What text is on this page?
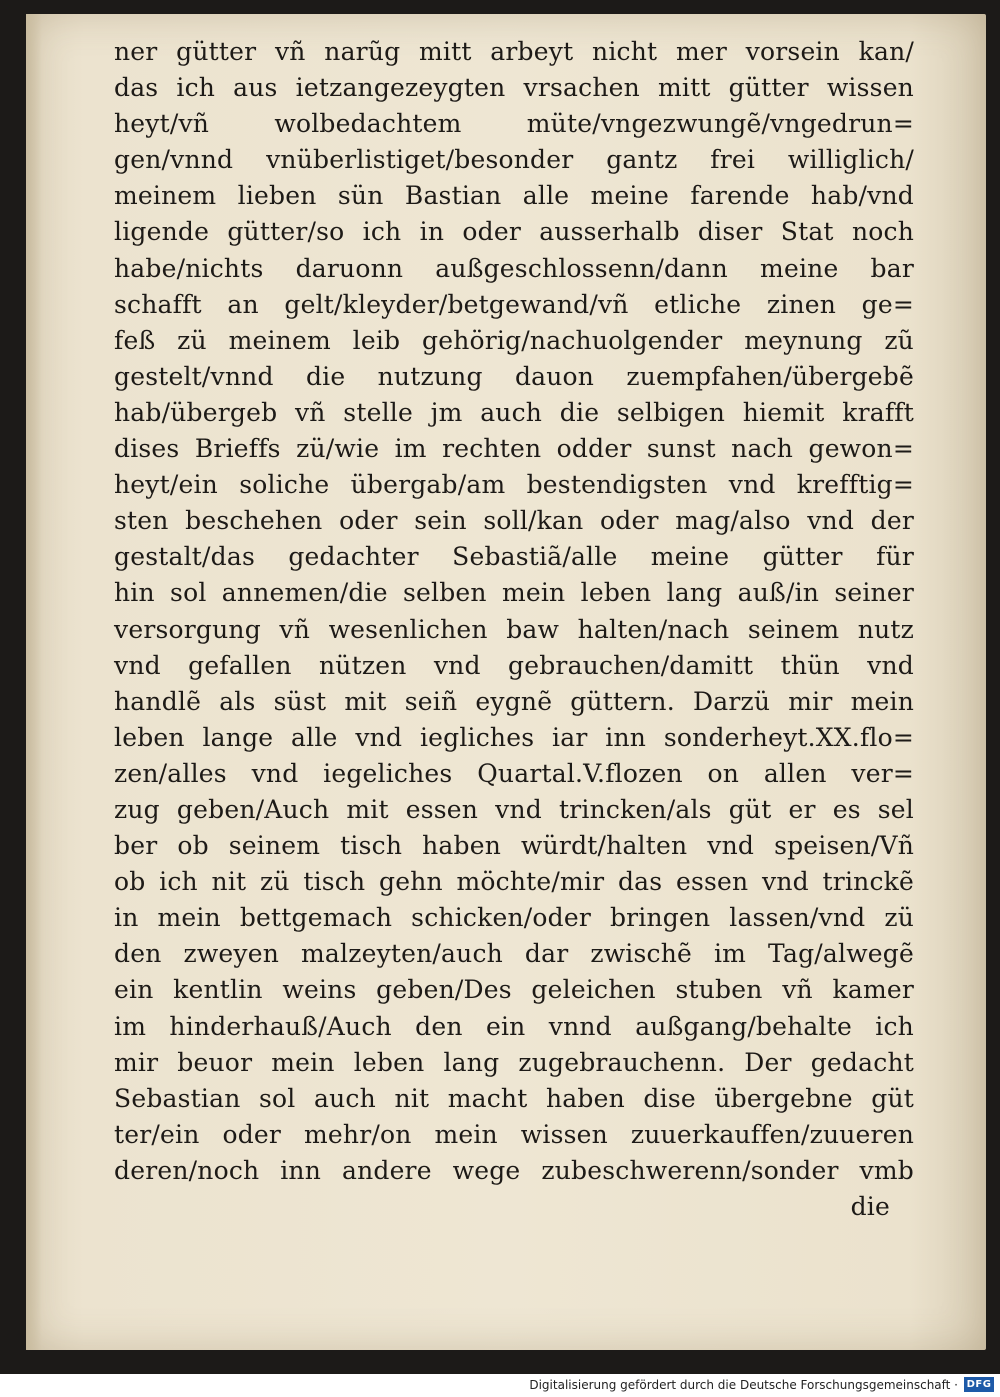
ner gütter vñ narũg mitt arbeyt nicht mer vorsein kan/
das ich aus ietzangezeygten vrsachen mitt gütter wissen
heyt/vñ wolbedachtem müte/vngezwungẽ/vngedrun=
gen/vnnd vnüberlistiget/besonder gantz frei williglich/
meinem lieben sün Bastian alle meine farende hab/vnd
ligende gütter/so ich in oder ausserhalb diser Stat noch
habe/nichts daruonn außgeschlossenn/dann meine bar
schafft an gelt/kleyder/betgewand/vñ etliche zinen ge=
feß zü meinem leib gehörig/nachuolgender meynung zũ
gestelt/vnnd die nutzung dauon zuempfahen/übergebẽ
hab/übergeb vñ stelle jm auch die selbigen hiemit krafft
dises Brieffs zü/wie im rechten odder sunst nach gewon=
heyt/ein soliche übergab/am bestendigsten vnd krefftig=
sten beschehen oder sein soll/kan oder mag/also vnd der
gestalt/das gedachter Sebastiã/alle meine gütter für
hin sol annemen/die selben mein leben lang auß/in seiner
versorgung vñ wesenlichen baw halten/nach seinem nutz
vnd gefallen nützen vnd gebrauchen/damitt thün vnd
handlẽ als süst mit seiñ eygnẽ güttern. Darzü mir mein
leben lange alle vnd iegliches iar inn sonderheyt.XX.flo=
zen/alles vnd iegeliches Quartal.V.flozen on allen ver=
zug geben/Auch mit essen vnd trincken/als güt er es sel
ber ob seinem tisch haben würdt/halten vnd speisen/Vñ
ob ich nit zü tisch gehn möchte/mir das essen vnd trinckẽ
in mein bettgemach schicken/oder bringen lassen/vnd zü
den zweyen malzeyten/auch dar zwischẽ im Tag/alwegẽ
ein kentlin weins geben/Des geleichen stuben vñ kamer
im hinderhauß/Auch den ein vnnd außgang/behalte ich
mir beuor mein leben lang zugebrauchenn. Der gedacht
Sebastian sol auch nit macht haben dise übergebne güt
ter/ein oder mehr/on mein wissen zuuerkauffen/zuueren
deren/noch inn andere wege zubeschwerenn/sonder vmb
die
Digitalisierung gefördert durch die Deutsche Forschungsgemeinschaft · DFG
